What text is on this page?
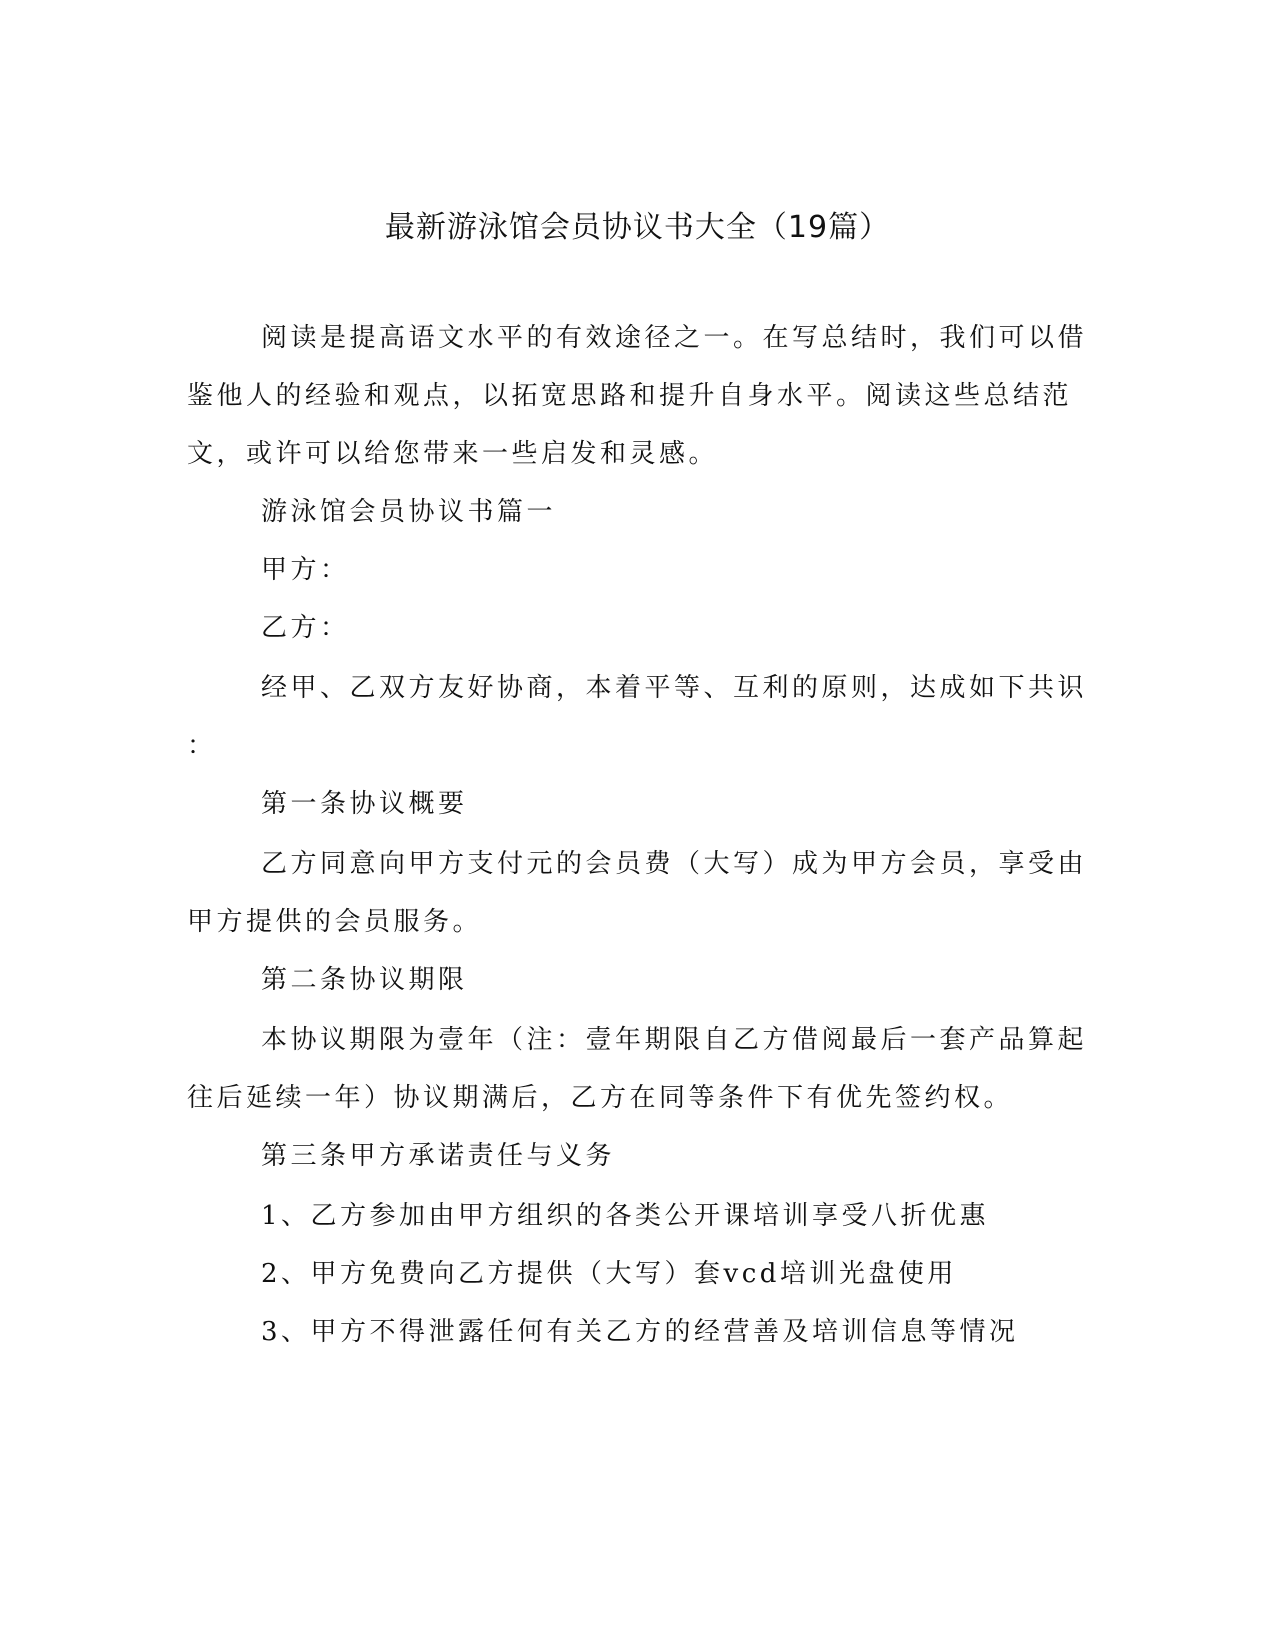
最新游泳馆会员协议书大全（19篇）

阅读是提高语文水平的有效途径之一。在写总结时，我们可以借

鉴他人的经验和观点，以拓宽思路和提升自身水平。阅读这些总结范

文，或许可以给您带来一些启发和灵感。

游泳馆会员协议书篇一

甲方：

乙方：

经甲、乙双方友好协商，本着平等、互利的原则，达成如下共识

：

第一条协议概要

乙方同意向甲方支付元的会员费（大写）成为甲方会员，享受由

甲方提供的会员服务。

第二条协议期限

本协议期限为壹年（注：壹年期限自乙方借阅最后一套产品算起

往后延续一年）协议期满后，乙方在同等条件下有优先签约权。

第三条甲方承诺责任与义务

1、乙方参加由甲方组织的各类公开课培训享受八折优惠

2、甲方免费向乙方提供（大写）套vcd培训光盘使用

3、甲方不得泄露任何有关乙方的经营善及培训信息等情况
